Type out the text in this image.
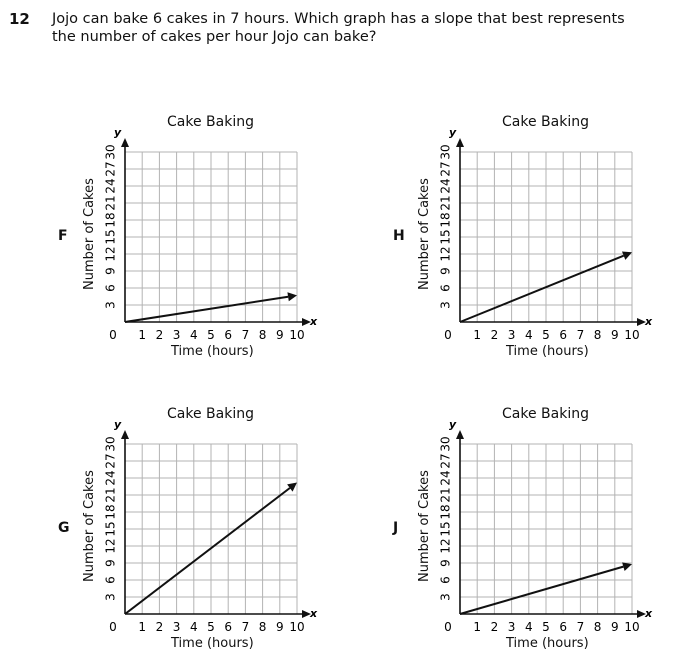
12 Jojo can bake 6 cakes in 7 hours. Which graph has a slope that best represents the number of cakes per hour Jojo can bake?
F
Cake Baking
Number of Cakes
Time (hours)
x
y
0 1 2 3 4 5 6 7 8 9 10
3
6
9
12
15
18
21
24
27
30
H
Cake Baking
Number of Cakes
Time (hours)
x
y
0 1 2 3 4 5 6 7 8 9 10
3
6
9
12
15
18
21
24
27
30
G
Cake Baking
Number of Cakes
Time (hours)
x
y
0 1 2 3 4 5 6 7 8 9 10
3
6
9
12
15
18
21
24
27
30
J
Cake Baking
Number of Cakes
Time (hours)
x
y
0 1 2 3 4 5 6 7 8 9 10
3
6
9
12
15
18
21
24
27
30
